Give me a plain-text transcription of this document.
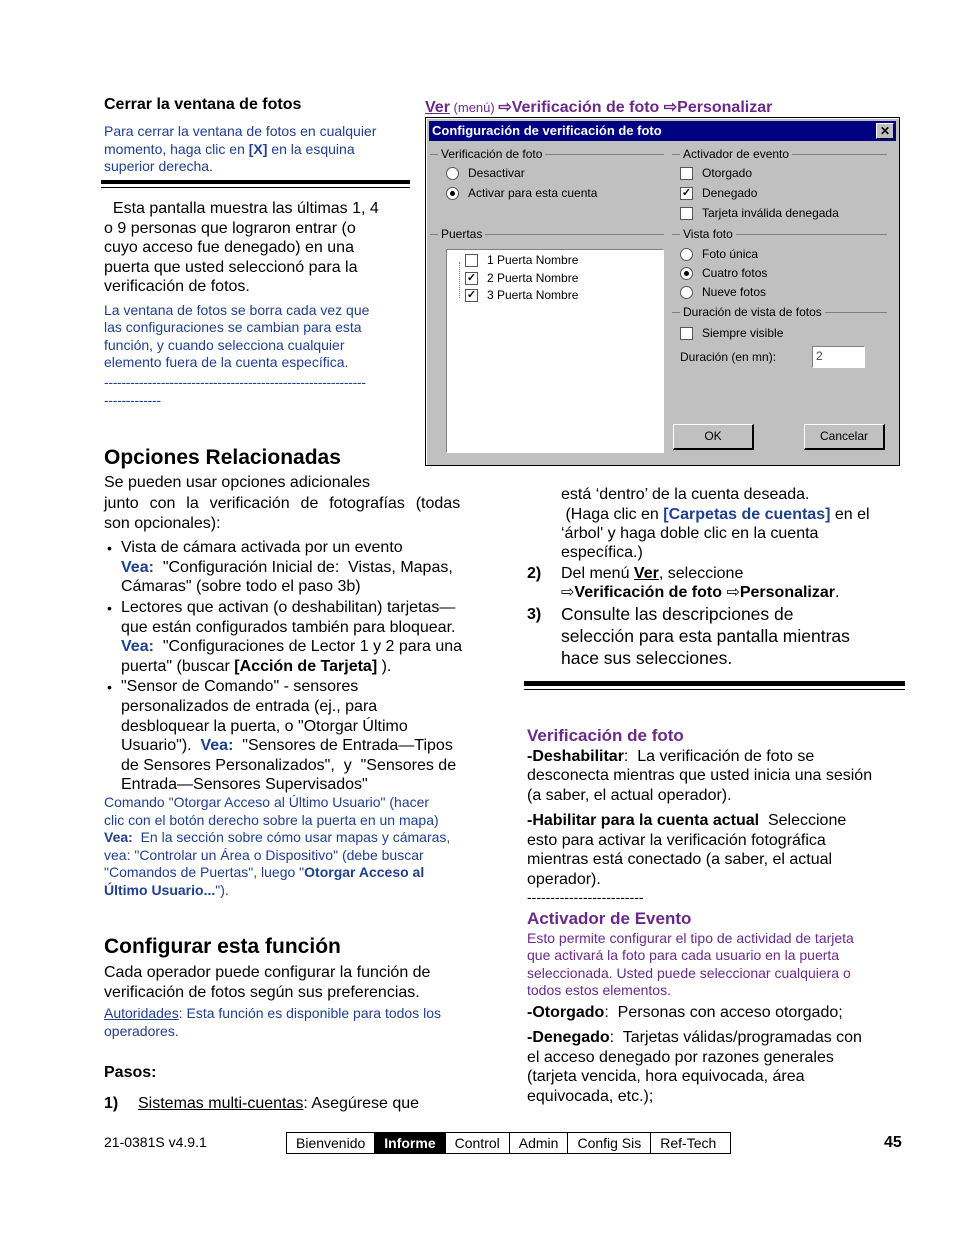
Cerrar la ventana de fotos
Para cerrar la ventana de fotos en cualquier
momento, haga clic en [X] en la esquina
superior derecha.
Esta pantalla muestra las últimas 1, 4
o 9 personas que lograron entrar (o
cuyo acceso fue denegado) en una
puerta que usted seleccionó para la
verificación de fotos.
La ventana de fotos se borra cada vez que
las configuraciones se cambian para esta
función, y cuando selecciona cualquier
elemento fuera de la cuenta específica.
------------------------------------------------------------
-------------
Opciones Relacionadas
Se pueden usar opciones adicionales
junto  con  la  verificación  de  fotografías  (todas
son opcionales):
• Vista de cámara activada por un evento
Vea:  "Configuración Inicial de:  Vistas, Mapas,
Cámaras" (sobre todo el paso 3b)
• Lectores que activan (o deshabilitan) tarjetas—
que están configurados también para bloquear.
Vea:  "Configuraciones de Lector 1 y 2 para una
puerta" (buscar [Acción de Tarjeta] ).
• "Sensor de Comando" - sensores
personalizados de entrada (ej., para
desbloquear la puerta, o "Otorgar Último
Usuario").  Vea:  "Sensores de Entrada—Tipos
de Sensores Personalizados",  y  "Sensores de
Entrada—Sensores Supervisados"
Comando "Otorgar Acceso al Último Usuario" (hacer
clic con el botón derecho sobre la puerta en un mapa)
Vea:  En la sección sobre cómo usar mapas y cámaras,
vea: "Controlar un Área o Dispositivo" (debe buscar
"Comandos de Puertas", luego "Otorgar Acceso al
Último Usuario...").
Configurar esta función
Cada operador puede configurar la función de
verificación de fotos según sus preferencias.
Autoridades: Esta función es disponible para todos los
operadores.
Pasos:
1) Sistemas multi-cuentas: Asegúrese que
Ver (menú) ⇨Verificación de foto ⇨Personalizar
Configuración de verificación de foto	✕
Verificación de foto
Desactivar
Activar para esta cuenta
Activador de evento
Otorgado
✓ Denegado
Tarjeta inválida denegada
Puertas
1 Puerta Nombre
✓ 2 Puerta Nombre
✓ 3 Puerta Nombre
Vista foto
Foto única
Cuatro fotos
Nueve fotos
Duración de vista de fotos
Siempre visible
Duración (en mn):	2
OK	Cancelar
está ‘dentro’ de la cuenta deseada.
(Haga clic en [Carpetas de cuentas] en el
‘árbol' y haga doble clic en la cuenta
específica.)
2) Del menú Ver, seleccione
⇨Verificación de foto ⇨Personalizar.
3) Consulte las descripciones de
selección para esta pantalla mientras
hace sus selecciones.
Verificación de foto
-Deshabilitar:  La verificación de foto se
desconecta mientras que usted inicia una sesión
(a saber, el actual operador).
-Habilitar para la cuenta actual  Seleccione
esto para activar la verificación fotográfica
mientras está conectado (a saber, el actual
operador).
-------------------------
Activador de Evento
Esto permite configurar el tipo de actividad de tarjeta
que activará la foto para cada usuario en la puerta
seleccionada. Usted puede seleccionar cualquiera o
todos estos elementos.
-Otorgado:  Personas con acceso otorgado;
-Denegado:  Tarjetas válidas/programadas con
el acceso denegado por razones generales
(tarjeta vencida, hora equivocada, área
equivocada, etc.);
21-0381S v4.9.1	Bienvenido	Informe	Control	Admin	Config Sis	Ref-Tech	45
